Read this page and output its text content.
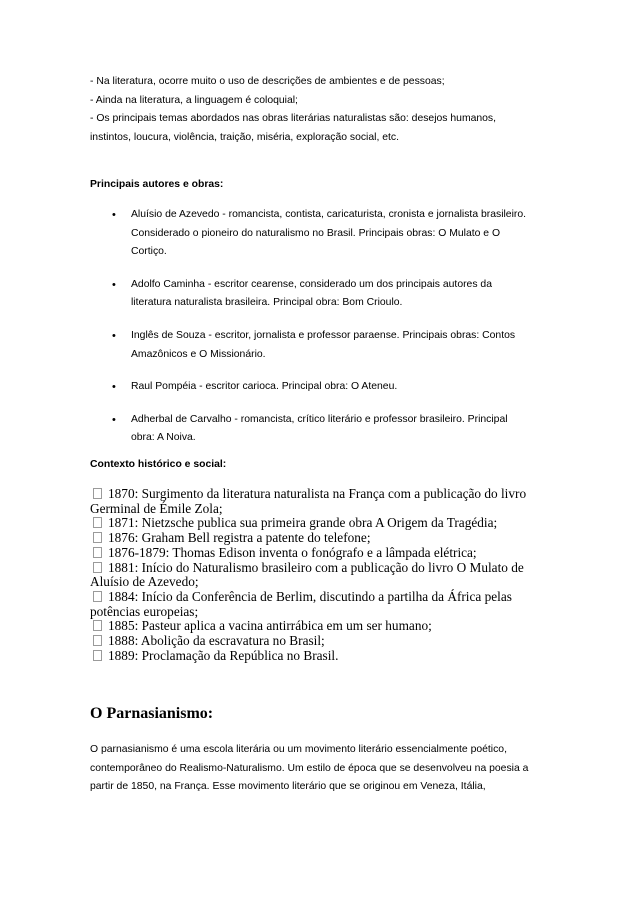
- Na literatura, ocorre muito o uso de descrições de ambientes e de pessoas;

- Ainda na literatura, a linguagem é coloquial;

- Os principais temas abordados nas obras literárias naturalistas são: desejos humanos,

instintos, loucura, violência, traição, miséria, exploração social, etc.

Principais autores e obras:
• Aluísio de Azevedo - romancista, contista, caricaturista, cronista e jornalista brasileiro.
Considerado o pioneiro do naturalismo no Brasil. Principais obras: O Mulato e O
Cortiço.
• Adolfo Caminha - escritor cearense, considerado um dos principais autores da
literatura naturalista brasileira. Principal obra: Bom Crioulo.
• Inglês de Souza - escritor, jornalista e professor paraense. Principais obras: Contos
Amazônicos e O Missionário.
• Raul Pompéia - escritor carioca. Principal obra: O Ateneu.
• Adherbal de Carvalho - romancista, crítico literário e professor brasileiro. Principal
obra: A Noiva.
Contexto histórico e social:

1870: Surgimento da literatura naturalista na França com a publicação do livro

Germinal de Émile Zola;

1871: Nietzsche publica sua primeira grande obra A Origem da Tragédia;

1876: Graham Bell registra a patente do telefone;

1876-1879: Thomas Edison inventa o fonógrafo e a lâmpada elétrica;

1881: Início do Naturalismo brasileiro com a publicação do livro O Mulato de

Aluísio de Azevedo;

1884: Início da Conferência de Berlim, discutindo a partilha da África pelas

potências europeias;

1885: Pasteur aplica a vacina antirrábica em um ser humano;

1888: Abolição da escravatura no Brasil;

1889: Proclamação da República no Brasil.

O Parnasianismo:

O parnasianismo é uma escola literária ou um movimento literário essencialmente poético,

contemporâneo do Realismo-Naturalismo. Um estilo de época que se desenvolveu na poesia a

partir de 1850, na França. Esse movimento literário que se originou em Veneza, Itália,
